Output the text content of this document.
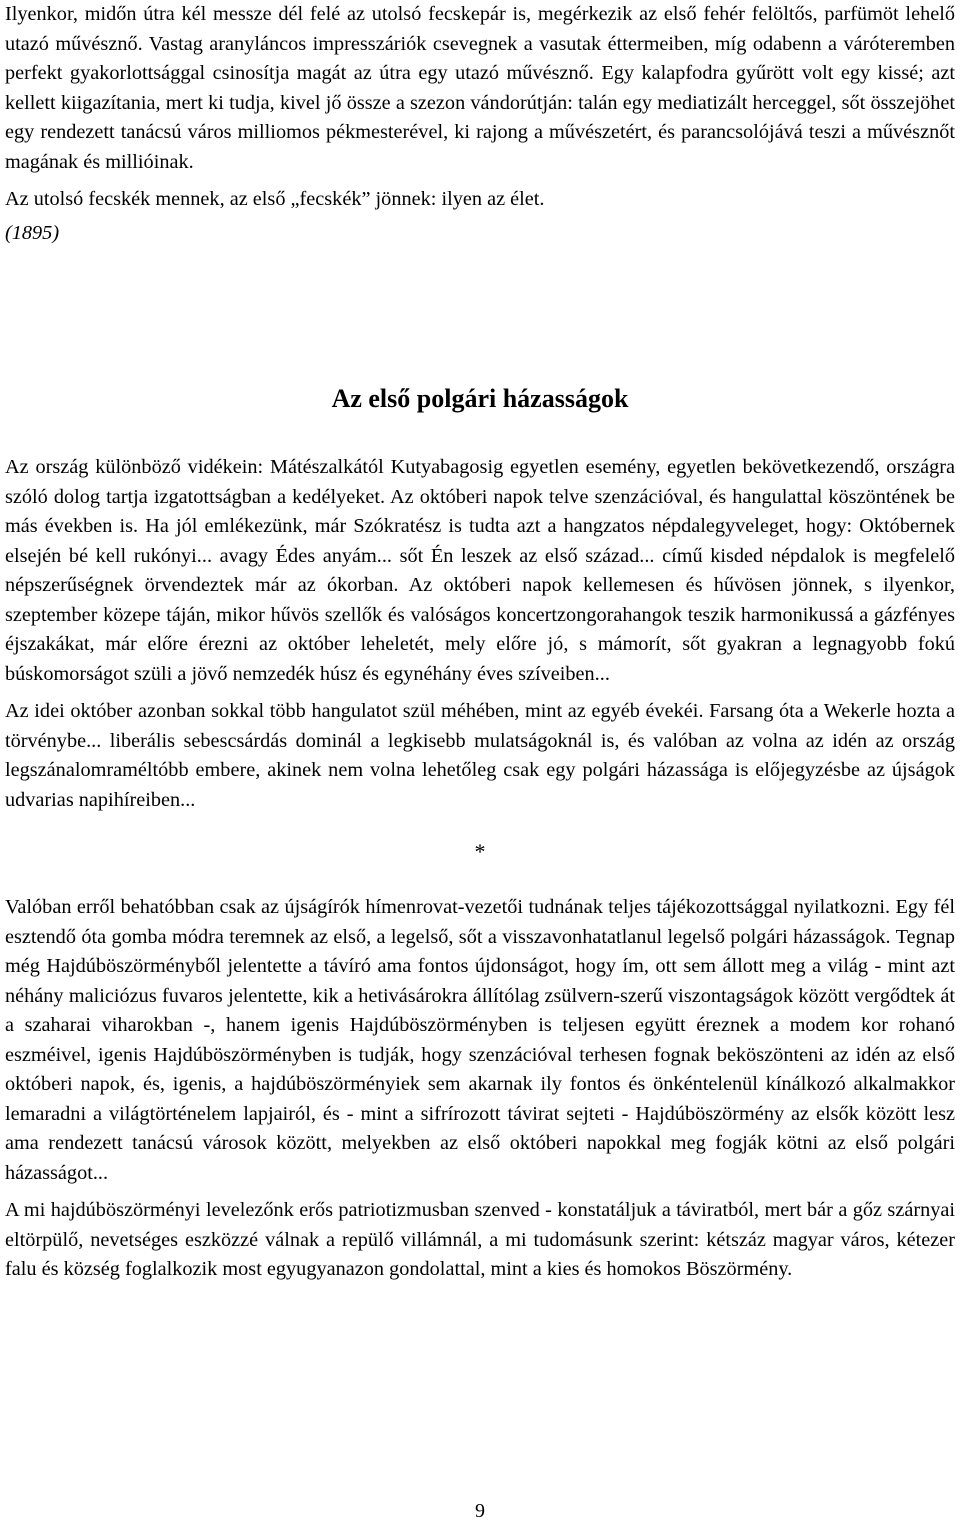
Ilyenkor, midőn útra kél messze dél felé az utolsó fecskepár is, megérkezik az első fehér felöltős, parfümöt lehelő utazó művésznő. Vastag aranyláncos impresszáriók csevegnek a vasutak éttermeiben, míg odabenn a váróteremben perfekt gyakorlottsággal csinosítja magát az útra egy utazó művésznő. Egy kalapfodra gyűrött volt egy kissé; azt kellett kiigazítania, mert ki tudja, kivel jő össze a szezon vándorútján: talán egy mediatizált herceggel, sőt összejöhet egy rendezett tanácsú város milliomos pékmesterével, ki rajong a művészetért, és parancsolójává teszi a művésznőt magának és millióinak.

Az utolsó fecskék mennek, az első „fecskék” jönnek: ilyen az élet.

(1895)

Az első polgári házasságok

Az ország különböző vidékein: Mátészalkától Kutyabagosig egyetlen esemény, egyetlen bekövetkezendő, országra szóló dolog tartja izgatottságban a kedélyeket. Az októberi napok telve szenzációval, és hangulattal köszöntének be más években is. Ha jól emlékezünk, már Szókratész is tudta azt a hangzatos népdalegyveleget, hogy: Októbernek elsején bé kell rukónyi... avagy Édes anyám... sőt Én leszek az első század... című kisded népdalok is megfelelő népszerűségnek örvendeztek már az ókorban. Az októberi napok kellemesen és hűvösen jönnek, s ilyenkor, szeptember közepe táján, mikor hűvös szellők és valóságos koncertzongorahangok teszik harmonikussá a gázfényes éjszakákat, már előre érezni az október leheletét, mely előre jó, s mámorít, sőt gyakran a legnagyobb fokú búskomorságot szüli a jövő nemzedék húsz és egynéhány éves szíveiben...

Az idei október azonban sokkal több hangulatot szül méhében, mint az egyéb évekéi. Farsang óta a Wekerle hozta a törvénybe... liberális sebescsárdás dominál a legkisebb mulatságoknál is, és valóban az volna az idén az ország legszánalomraméltóbb embere, akinek nem volna lehetőleg csak egy polgári házassága is előjegyzésbe az újságok udvarias napihíreiben...

*

Valóban erről behatóbban csak az újságírók hímenrovat-vezetői tudnának teljes tájékozottsággal nyilatkozni. Egy fél esztendő óta gomba módra teremnek az első, a legelső, sőt a visszavonhatatlanul legelső polgári házasságok. Tegnap még Hajdúböszörményből jelentette a távíró ama fontos újdonságot, hogy ím, ott sem állott meg a világ - mint azt néhány maliciózus fuvaros jelentette, kik a hetivásárokra állítólag zsülvern-szerű viszontagságok között vergődtek át a szaharai viharokban -, hanem igenis Hajdúböszörményben is teljesen együtt éreznek a modem kor rohanó eszméivel, igenis Hajdúböszörményben is tudják, hogy szenzációval terhesen fognak beköszönteni az idén az első októberi napok, és, igenis, a hajdúböszörményiek sem akarnak ily fontos és önkéntelenül kínálkozó alkalmakkor lemaradni a világtörténelem lapjairól, és - mint a sifrírozott távirat sejteti - Hajdúböszörmény az elsők között lesz ama rendezett tanácsú városok között, melyekben az első októberi napokkal meg fogják kötni az első polgári házasságot...

A mi hajdúböszörményi levelezőnk erős patriotizmusban szenved - konstatáljuk a táviratból, mert bár a gőz szárnyai eltörpülő, nevetséges eszközzé válnak a repülő villámnál, a mi tudomásunk szerint: kétszáz magyar város, kétezer falu és község foglalkozik most egyugyanazon gondolattal, mint a kies és homokos Böszörmény.

9
